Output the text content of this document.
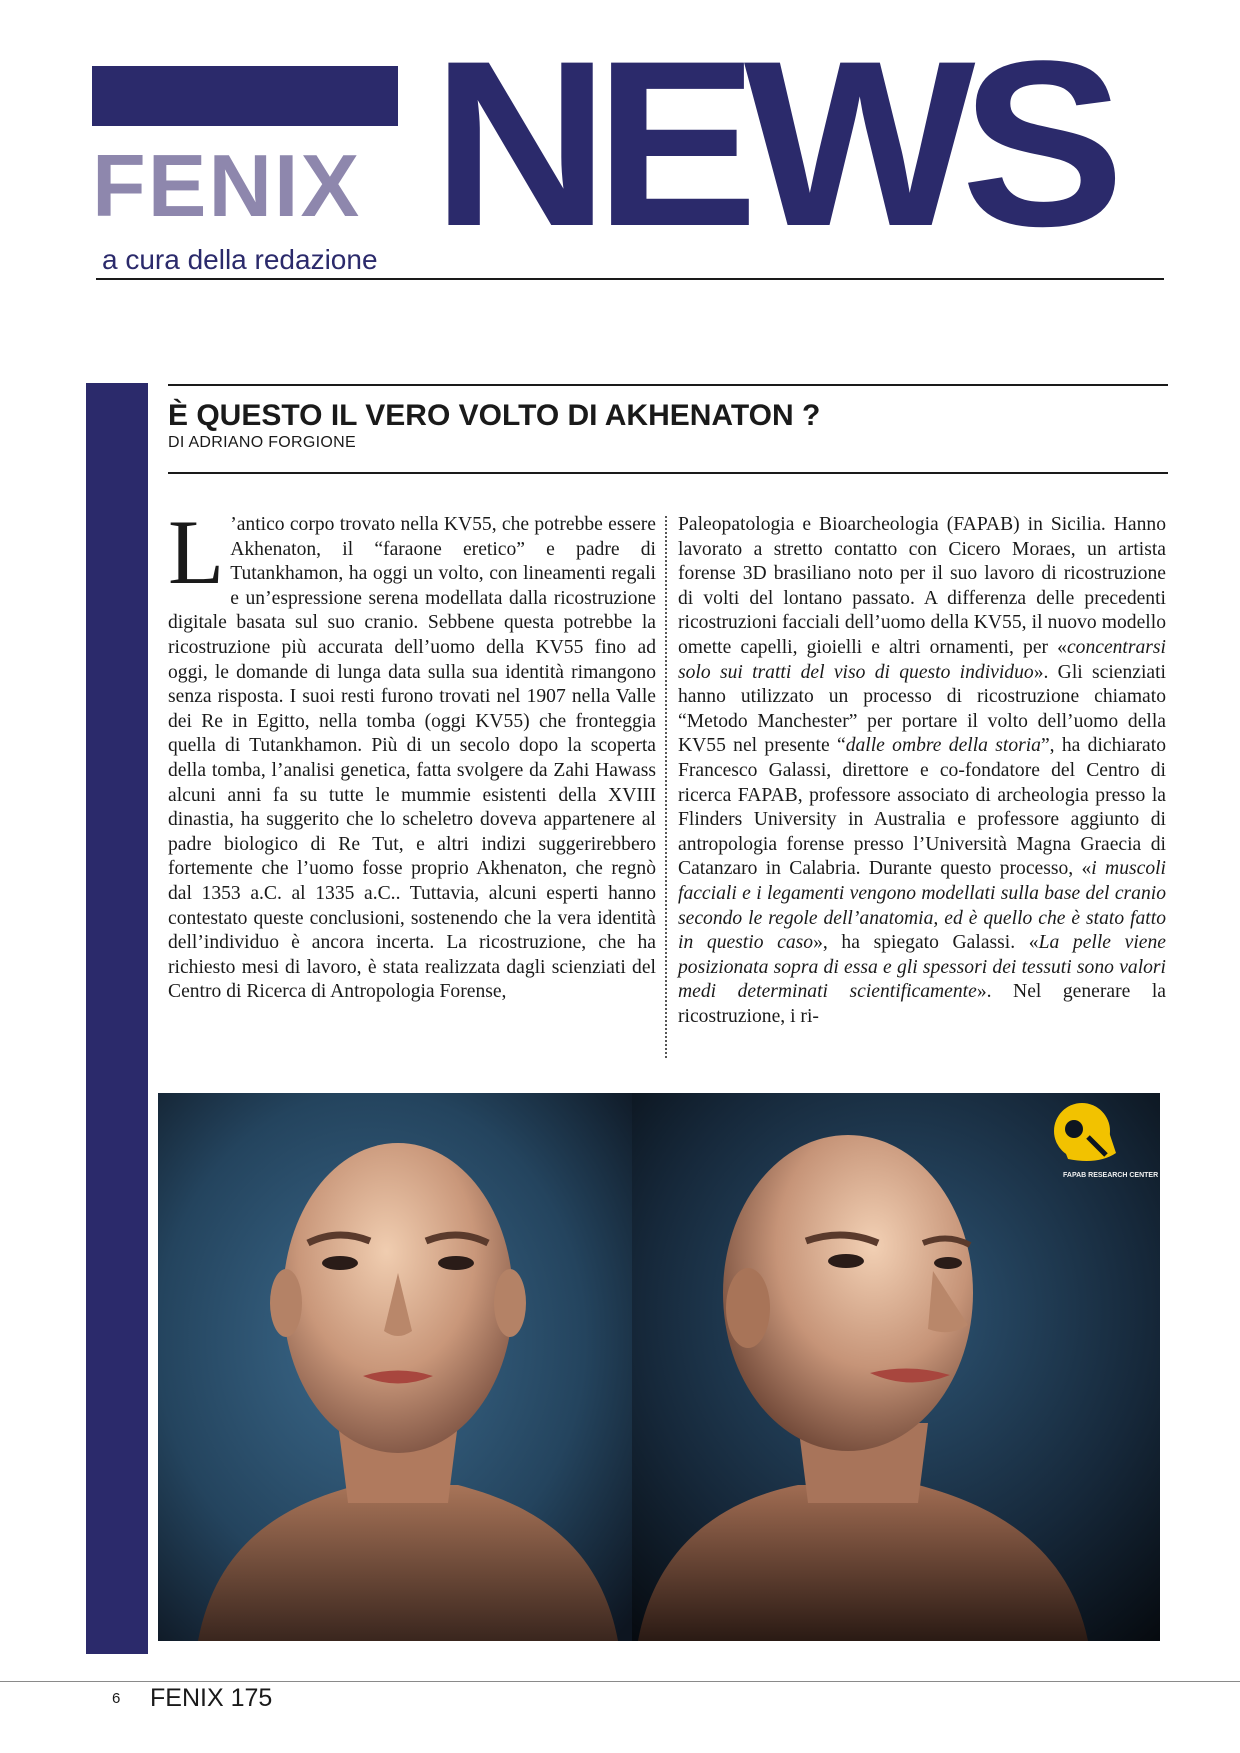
FENIX NEWS
a cura della redazione
È QUESTO IL VERO VOLTO DI AKHENATON ?
DI ADRIANO FORGIONE

L ’antico corpo trovato nella KV55, che potrebbe essere Akhenaton, il “faraone eretico” e padre di Tutankhamon, ha oggi un volto, con lineamenti regali e un’espressione serena modellata dalla ricostruzione digitale basata sul suo cranio. Sebbene questa potrebbe la ricostruzione più accurata dell’uomo della KV55 fino ad oggi, le domande di lunga data sulla sua identità rimangono senza risposta. I suoi resti furono trovati nel 1907 nella Valle dei Re in Egitto, nella tomba (oggi KV55) che fronteggia quella di Tutankhamon. Più di un secolo dopo la scoperta della tomba, l’analisi genetica, fatta svolgere da Zahi Hawass alcuni anni fa su tutte le mummie esistenti della XVIII dinastia, ha suggerito che lo scheletro doveva appartenere al padre biologico di Re Tut, e altri indizi suggerirebbero fortemente che l’uomo fosse proprio Akhenaton, che regnò dal 1353 a.C. al 1335 a.C.. Tuttavia, alcuni esperti hanno contestato queste conclusioni, sostenendo che la vera identità dell’individuo è ancora incerta. La ricostruzione, che ha richiesto mesi di lavoro, è stata realizzata dagli scienziati del Centro di Ricerca di Antropologia Forense,

Paleopatologia e Bioarcheologia (FAPAB) in Sicilia. Hanno lavorato a stretto contatto con Cicero Moraes, un artista forense 3D brasiliano noto per il suo lavoro di ricostruzione di volti del lontano passato. A differenza delle precedenti ricostruzioni facciali dell’uomo della KV55, il nuovo modello omette capelli, gioielli e altri ornamenti, per «concentrarsi solo sui tratti del viso di questo individuo». Gli scienziati hanno utilizzato un processo di ricostruzione chiamato “Metodo Manchester” per portare il volto dell’uomo della KV55 nel presente “dalle ombre della storia”, ha dichiarato Francesco Galassi, direttore e co-fondatore del Centro di ricerca FAPAB, professore associato di archeologia presso la Flinders University in Australia e professore aggiunto di antropologia forense presso l’Università Magna Graecia di Catanzaro in Calabria. Durante questo processo, «i muscoli facciali e i legamenti vengono modellati sulla base del cranio secondo le regole dell’anatomia, ed è quello che è stato fatto in questio caso», ha spiegato Galassi. «La pelle viene posizionata sopra di essa e gli spessori dei tessuti sono valori medi determinati scientificamente». Nel generare la ricostruzione, i ri-

FAPAB RESEARCH CENTER
6 FENIX 175
